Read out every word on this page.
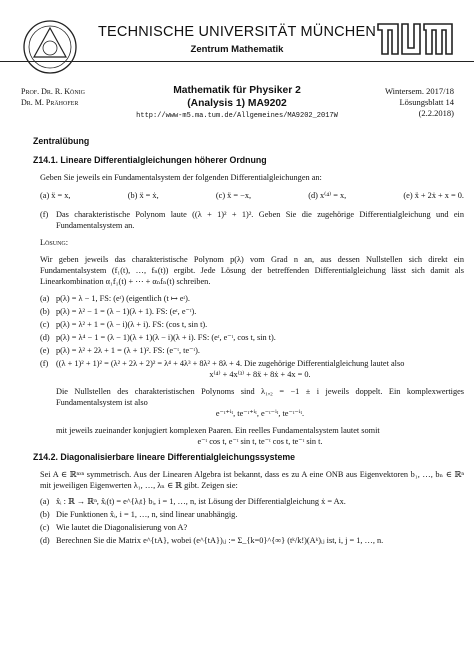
TECHNISCHE UNIVERSITÄT MÜNCHEN
Zentrum Mathematik
Prof. Dr. R. König
Dr. M. Prähofer
Mathematik für Physiker 2
(Analysis 1) MA9202
Wintersem. 2017/18
Lösungsblatt 14
(2.2.2018)
http://www-m5.ma.tum.de/Allgemeines/MA9202_2017W

Zentralübung

Z14.1. Lineare Differentialgleichungen höherer Ordnung

Geben Sie jeweils ein Fundamentalsystem der folgenden Differentialgleichungen an:

(a) ẍ = x,	(b) ẍ = ẋ,	(c) ẍ = −x,	(d) x⁽⁴⁾ = x,	(e) ẍ + 2ẋ + x = 0.
(f) Das charakteristische Polynom laute ((λ + 1)² + 1)². Geben Sie die zugehörige Differentialgleichung und ein Fundamentalsystem an.

Lösung:

Wir geben jeweils das charakteristische Polynom p(λ) vom Grad n an, aus dessen Nullstellen sich direkt ein Fundamentalsystem (f₁(t), …, fₙ(t)) ergibt. Jede Lösung der betreffenden Differentialgleichung lässt sich damit als Linearkombination α₁f₁(t) + ⋯ + αₙfₙ(t) schreiben.

(a) p(λ) = λ − 1, FS: (eᵗ) (eigentlich (t ↦ eᵗ).
(b) p(λ) = λ² − 1 = (λ − 1)(λ + 1). FS: (eᵗ, e⁻ᵗ).
(c) p(λ) = λ² + 1 = (λ − i)(λ + i). FS: (cos t, sin t).
(d) p(λ) = λ⁴ − 1 = (λ − 1)(λ + 1)(λ − i)(λ + i). FS: (eᵗ, e⁻ᵗ, cos t, sin t).
(e) p(λ) = λ² + 2λ + 1 = (λ + 1)². FS: (e⁻ᵗ, te⁻ᵗ).
(f) ((λ + 1)² + 1)² = (λ² + 2λ + 2)² = λ⁴ + 4λ³ + 8λ² + 8λ + 4. Die zugehörige Differentialgleichung lautet also

x⁽⁴⁾ + 4x⁽³⁾ + 8ẍ + 8ẋ + 4x = 0.

Die Nullstellen des charakteristischen Polynoms sind λ₁,₂ = −1 ± i jeweils doppelt. Ein komplexwertiges Fundamentalsystem ist also

e⁻ᵗ⁺ⁱᵗ, te⁻ᵗ⁺ⁱᵗ, e⁻ᵗ⁻ⁱᵗ, te⁻ᵗ⁻ⁱᵗ.

mit jeweils zueinander konjugiert komplexen Paaren. Ein reelles Fundamentalsystem lautet somit

e⁻ᵗ cos t, e⁻ᵗ sin t, te⁻ᵗ cos t, te⁻ᵗ sin t.

Z14.2. Diagonalisierbare lineare Differentialgleichungssysteme

Sei A ∈ ℝⁿˣⁿ symmetrisch. Aus der Linearen Algebra ist bekannt, dass es zu A eine ONB aus Eigenvektoren b₁, …, bₙ ∈ ℝⁿ mit jeweiligen Eigenwerten λ₁, …, λₙ ∈ ℝ gibt. Zeigen sie:

(a) x̂ᵢ : ℝ → ℝⁿ, x̂ᵢ(t) = e^{λᵢt} bᵢ, i = 1, …, n, ist Lösung der Differentialgleichung ẋ = Ax.
(b) Die Funktionen x̂ᵢ, i = 1, …, n, sind linear unabhängig.
(c) Wie lautet die Diagonalisierung von A?
(d) Berechnen Sie die Matrix e^{tA}, wobei (e^{tA})ᵢⱼ := Σ_{k=0}^{∞} (tᵏ/k!)(Aᵏ)ᵢⱼ ist, i, j = 1, …, n.
